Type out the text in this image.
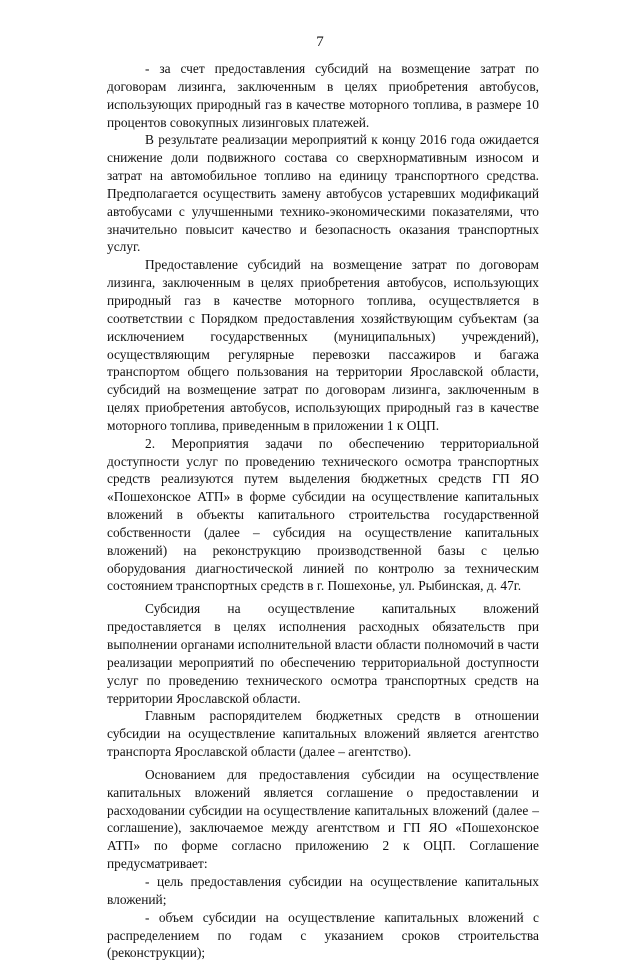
7

- за счет предоставления субсидий на возмещение затрат по договорам лизинга, заключенным в целях приобретения автобусов, использующих природный газ в качестве моторного топлива, в размере 10 процентов совокупных лизинговых платежей.

В результате реализации мероприятий к концу 2016 года ожидается снижение доли подвижного состава со сверхнормативным износом и затрат на автомобильное топливо на единицу транспортного средства. Предполагается осуществить замену автобусов устаревших модификаций автобусами с улучшенными технико-экономическими показателями, что значительно повысит качество и безопасность оказания транспортных услуг.

Предоставление субсидий на возмещение затрат по договорам лизинга, заключенным в целях приобретения автобусов, использующих природный газ в качестве моторного топлива, осуществляется в соответствии с Порядком предоставления хозяйствующим субъектам (за исключением государственных (муниципальных) учреждений), осуществляющим регулярные перевозки пассажиров и багажа транспортом общего пользования на территории Ярославской области, субсидий на возмещение затрат по договорам лизинга, заключенным в целях приобретения автобусов, использующих природный газ в качестве моторного топлива, приведенным в приложении 1 к ОЦП.

2. Мероприятия задачи по обеспечению территориальной доступности услуг по проведению технического осмотра транспортных средств реализуются путем выделения бюджетных средств ГП ЯО «Пошехонское АТП» в форме субсидии на осуществление капитальных вложений в объекты капитального строительства государственной собственности (далее – субсидия на осуществление капитальных вложений) на реконструкцию производственной базы с целью оборудования диагностической линией по контролю за техническим состоянием транспортных средств в г. Пошехонье, ул. Рыбинская, д. 47г.

Субсидия на осуществление капитальных вложений предоставляется в целях исполнения расходных обязательств при выполнении органами исполнительной власти области полномочий в части реализации мероприятий по обеспечению территориальной доступности услуг по проведению технического осмотра транспортных средств на территории Ярославской области.

Главным распорядителем бюджетных средств в отношении субсидии на осуществление капитальных вложений является агентство транспорта Ярославской области (далее – агентство).

Основанием для предоставления субсидии на осуществление капитальных вложений является соглашение о предоставлении и расходовании субсидии на осуществление капитальных вложений (далее – соглашение), заключаемое между агентством и ГП ЯО «Пошехонское АТП» по форме согласно приложению 2 к ОЦП. Соглашение предусматривает:

- цель предоставления субсидии на осуществление капитальных вложений;

- объем субсидии на осуществление капитальных вложений с распределением по годам с указанием сроков строительства (реконструкции);
